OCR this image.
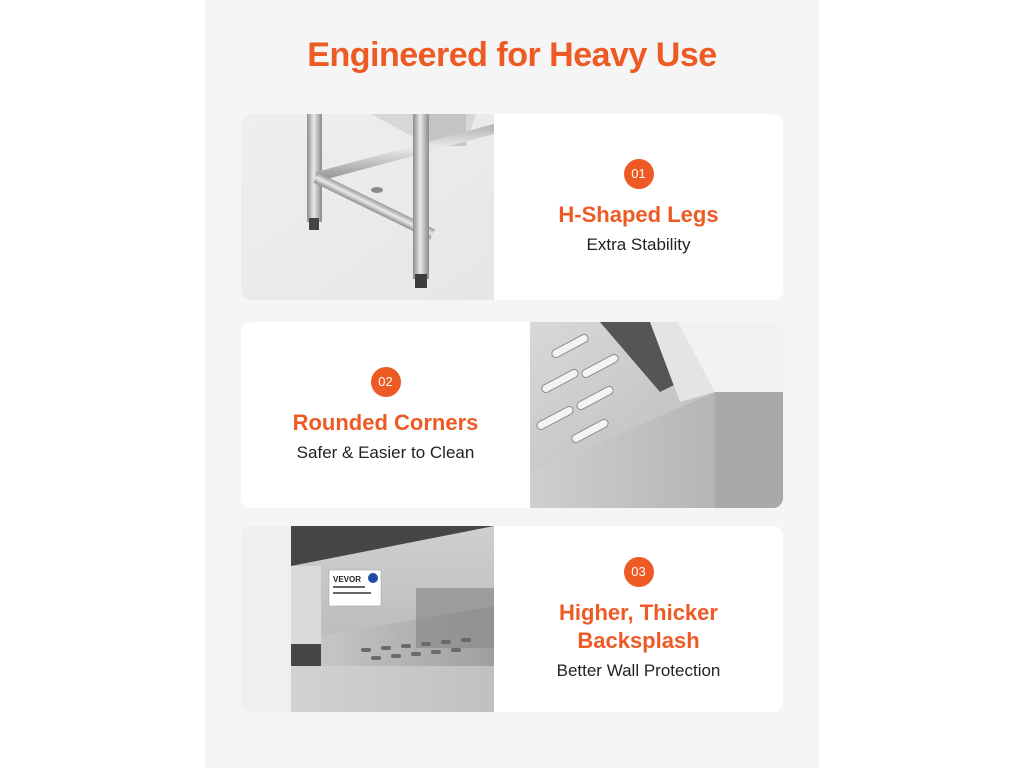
Engineered for Heavy Use
01
H-Shaped Legs
Extra Stability
02
Rounded Corners
Safer & Easier to Clean
VEVOR
03
Higher, Thicker
Backsplash
Better Wall Protection
